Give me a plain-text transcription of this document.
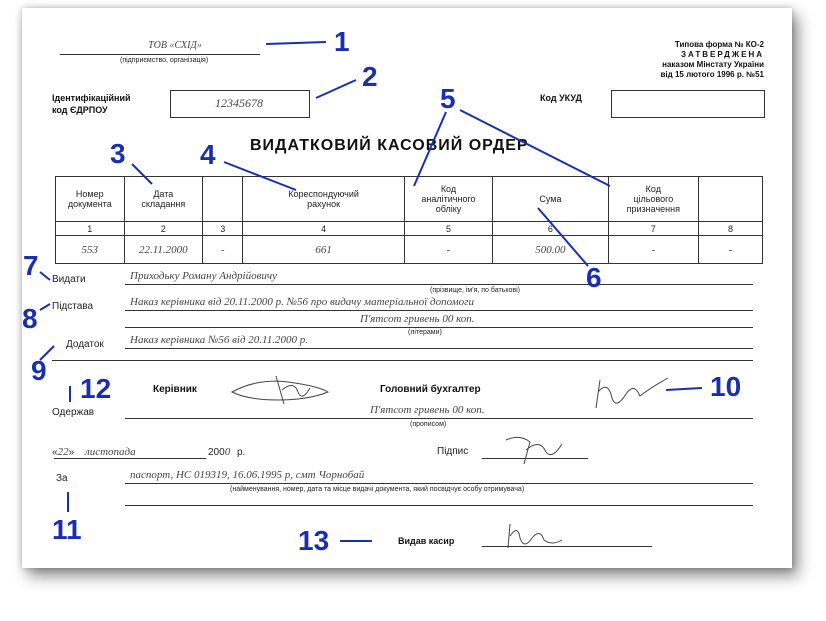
ТОВ «СХІД»
(підприємство, організація)
Типова форма № КО-2
ЗАТВЕРДЖЕНА
наказом Мінстату України
від 15 лютого 1996 р. №51
Ідентифікаційний
код ЄДРПОУ	12345678	Код УКУД
ВИДАТКОВИЙ КАСОВИЙ ОРДЕР
Номер
документа	Дата
складання		Кореспондуючий
рахунок	Код
аналітичного
обліку	Сума	Код
цільового
призначення	
1	2	3	4	5	6	7	8
553	22.11.2000	-	661	-	500.00	-	-
Видати	Приходьку Роману Андрійовичу
(прізвище, ім'я, по батькові)
Підстава	Наказ керівника від 20.11.2000 р. №56 про видачу матеріальної допомоги
П'ятсот гривень 00 коп.
(літерами)
Додаток Наказ керівника №56 від 20.11.2000 р.
Керівник	Головний бухгалтер
Одержав	П'ятсот гривень 00 коп.
(прописом)
«22» листопада	2000 р.	Підпис
За	паспорт, НС 019319, 16.06.1995 р, смт Чорнобай
(найменування, номер, дата та місце видачі документа, який посвідчує особу отримувача)
Видав касир
1
2
3	4
5
6
7
8
9
10
11
12
13
